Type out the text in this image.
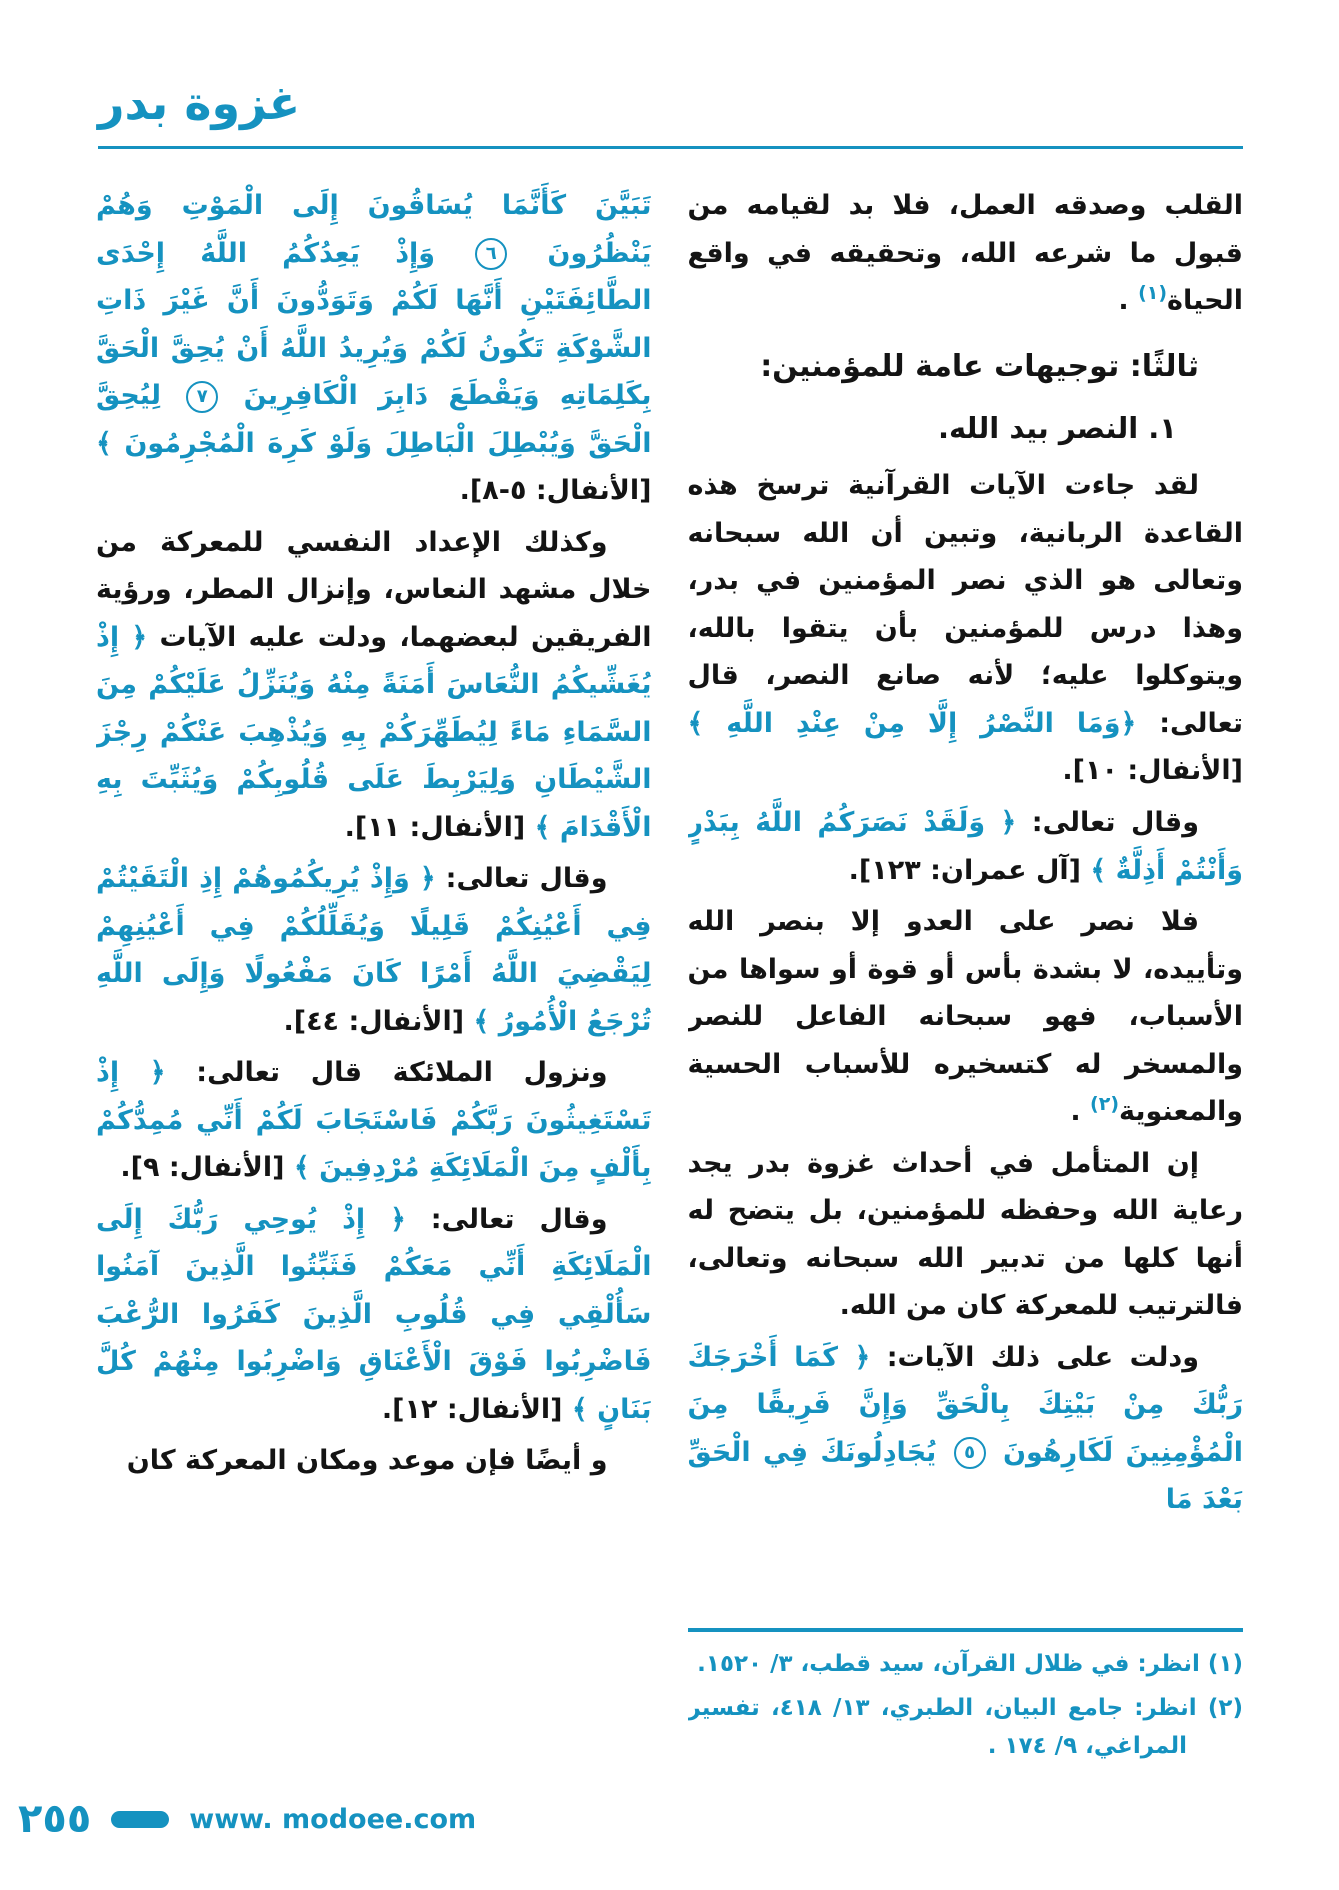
غزوة بدر

القلب وصدقه العمل، فلا بد لقيامه من قبول ما شرعه الله، وتحقيقه في واقع الحياة$^{(١)}$ .

ثالثًا: توجيهات عامة للمؤمنين:

١. النصر بيد الله.

لقد جاءت الآيات القرآنية ترسخ هذه القاعدة الربانية، وتبين أن الله سبحانه وتعالى هو الذي نصر المؤمنين في بدر، وهذا درس للمؤمنين بأن يتقوا بالله، ويتوكلوا عليه؛ لأنه صانع النصر، قال تعالى: ﴿وَمَا النَّصْرُ إِلَّا مِنْ عِنْدِ اللَّهِ ﴾ [الأنفال: ١٠].

وقال تعالى: ﴿ وَلَقَدْ نَصَرَكُمُ اللَّهُ بِبَدْرٍ وَأَنْتُمْ أَذِلَّةٌ ﴾ [آل عمران: ١٢٣].

فلا نصر على العدو إلا بنصر الله وتأييده، لا بشدة بأس أو قوة أو سواها من الأسباب، فهو سبحانه الفاعل للنصر والمسخر له كتسخيره للأسباب الحسية والمعنوية$^{(٢)}$ .

إن المتأمل في أحداث غزوة بدر يجد رعاية الله وحفظه للمؤمنين، بل يتضح له أنها كلها من تدبير الله سبحانه وتعالى، فالترتيب للمعركة كان من الله.

ودلت على ذلك الآيات: ﴿ كَمَا أَخْرَجَكَ رَبُّكَ مِنْ بَيْتِكَ بِالْحَقِّ وَإِنَّ فَرِيقًا مِنَ الْمُؤْمِنِينَ لَكَارِهُونَ ٥ يُجَادِلُونَكَ فِي الْحَقِّ بَعْدَ مَا

(١) انظر: في ظلال القرآن، سيد قطب، ٣/ ١٥٢٠.

(٢) انظر: جامع البيان، الطبري، ١٣/ ٤١٨، تفسير المراغي، ٩/ ١٧٤ .

تَبَيَّنَ كَأَنَّمَا يُسَاقُونَ إِلَى الْمَوْتِ وَهُمْ يَنْظُرُونَ ٦ وَإِذْ يَعِدُكُمُ اللَّهُ إِحْدَى الطَّائِفَتَيْنِ أَنَّهَا لَكُمْ وَتَوَدُّونَ أَنَّ غَيْرَ ذَاتِ الشَّوْكَةِ تَكُونُ لَكُمْ وَيُرِيدُ اللَّهُ أَنْ يُحِقَّ الْحَقَّ بِكَلِمَاتِهِ وَيَقْطَعَ دَابِرَ الْكَافِرِينَ ٧ لِيُحِقَّ الْحَقَّ وَيُبْطِلَ الْبَاطِلَ وَلَوْ كَرِهَ الْمُجْرِمُونَ ﴾ [الأنفال: ٥-٨].

وكذلك الإعداد النفسي للمعركة من خلال مشهد النعاس، وإنزال المطر، ورؤية الفريقين لبعضهما، ودلت عليه الآيات ﴿ إِذْ يُغَشِّيكُمُ النُّعَاسَ أَمَنَةً مِنْهُ وَيُنَزِّلُ عَلَيْكُمْ مِنَ السَّمَاءِ مَاءً لِيُطَهِّرَكُمْ بِهِ وَيُذْهِبَ عَنْكُمْ رِجْزَ الشَّيْطَانِ وَلِيَرْبِطَ عَلَى قُلُوبِكُمْ وَيُثَبِّتَ بِهِ الْأَقْدَامَ ﴾ [الأنفال: ١١].

وقال تعالى: ﴿ وَإِذْ يُرِيكُمُوهُمْ إِذِ الْتَقَيْتُمْ فِي أَعْيُنِكُمْ قَلِيلًا وَيُقَلِّلُكُمْ فِي أَعْيُنِهِمْ لِيَقْضِيَ اللَّهُ أَمْرًا كَانَ مَفْعُولًا وَإِلَى اللَّهِ تُرْجَعُ الْأُمُورُ ﴾ [الأنفال: ٤٤].

ونزول الملائكة قال تعالى: ﴿ إِذْ تَسْتَغِيثُونَ رَبَّكُمْ فَاسْتَجَابَ لَكُمْ أَنِّي مُمِدُّكُمْ بِأَلْفٍ مِنَ الْمَلَائِكَةِ مُرْدِفِينَ ﴾ [الأنفال: ٩].

وقال تعالى: ﴿ إِذْ يُوحِي رَبُّكَ إِلَى الْمَلَائِكَةِ أَنِّي مَعَكُمْ فَثَبِّتُوا الَّذِينَ آمَنُوا سَأُلْقِي فِي قُلُوبِ الَّذِينَ كَفَرُوا الرُّعْبَ فَاضْرِبُوا فَوْقَ الْأَعْنَاقِ وَاضْرِبُوا مِنْهُمْ كُلَّ بَنَانٍ ﴾ [الأنفال: ١٢].

و أيضًا فإن موعد ومكان المعركة كان

٢٥٥	www. modoee.com
